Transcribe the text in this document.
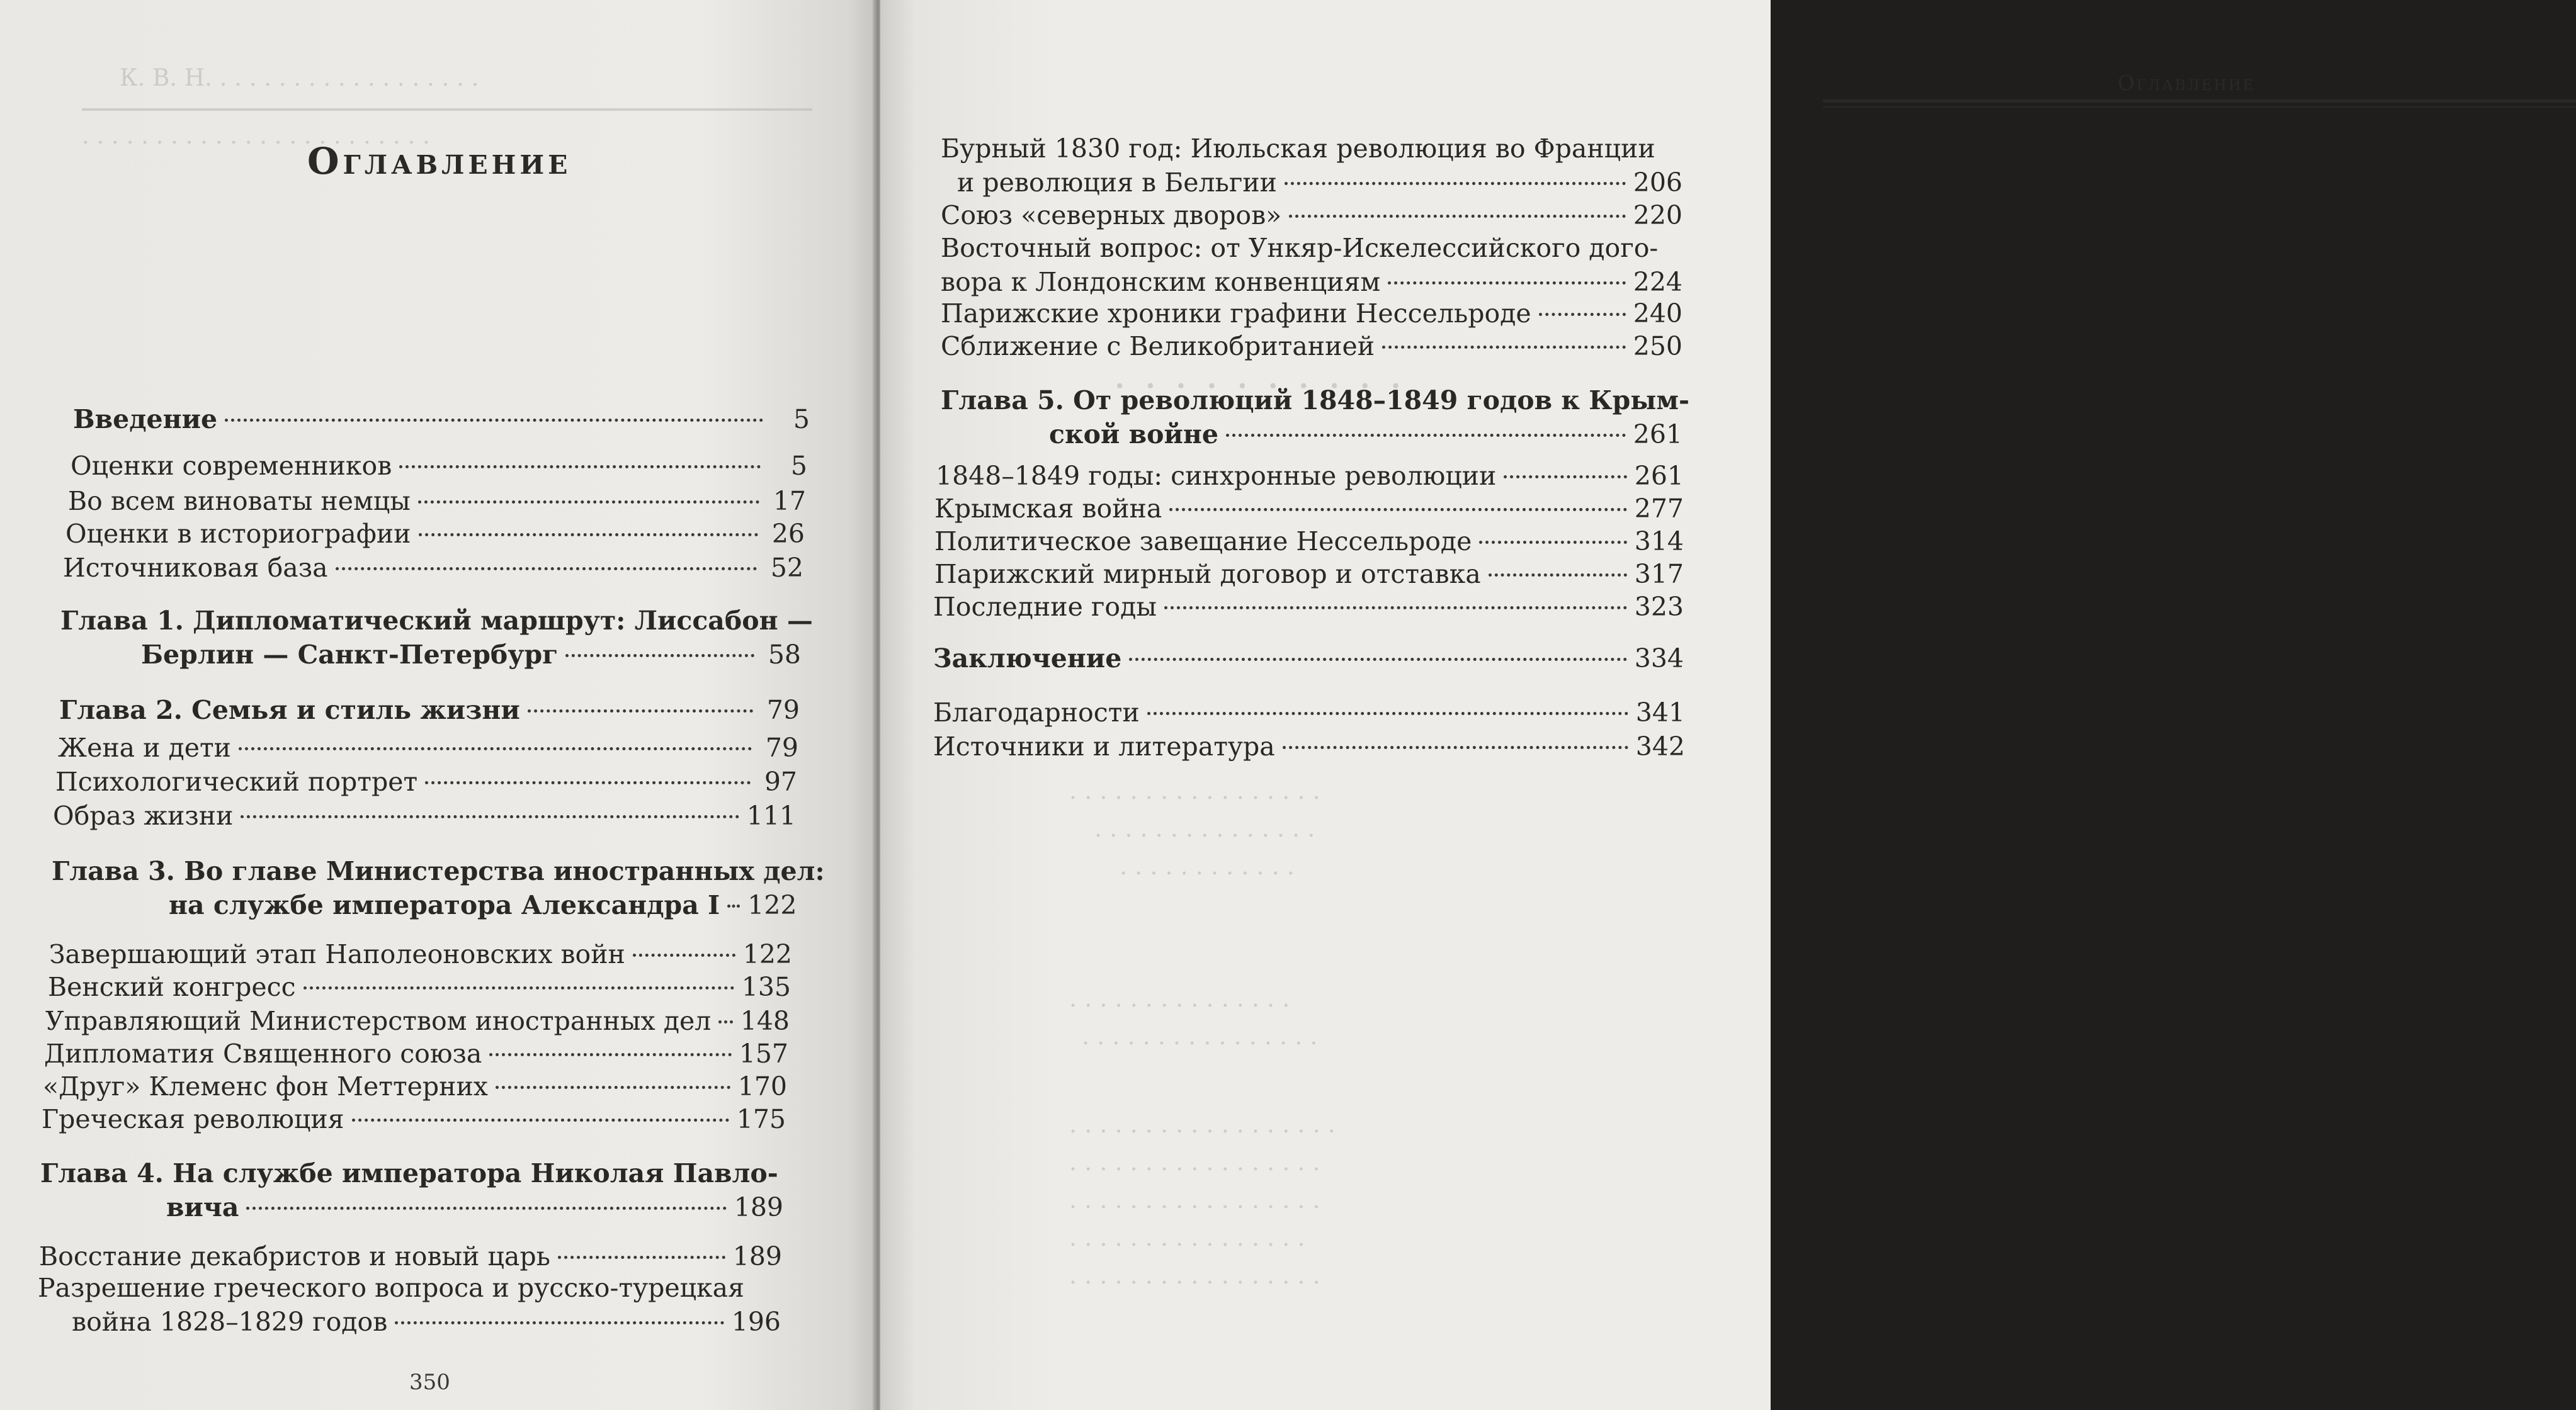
К. В. Н. . . . . . . . . . . . . . . . . . .
. . . . . . . . . . . . . . . . . . . . . . . .
Оглавление
Введение	5
Оценки современников	5
Во всем виноваты немцы	17
Оценки в историографии	26
Источниковая база	52
Глава 1. Дипломатический маршрут: Лиссабон —
Берлин — Санкт-Петербург	58
Глава 2. Семья и стиль жизни	79
Жена и дети	79
Психологический портрет	97
Образ жизни	111
Глава 3. Во главе Министерства иностранных дел:
на службе императора Александра I 122
Завершающий этап Наполеоновских войн	122
Венский конгресс	135
Управляющий Министерством иностранных дел 148
Дипломатия Священного союза	157
«Друг» Клеменс фон Меттерних	170
Греческая революция	175
Глава 4. На службе императора Николая Павло-
вича	189
Восстание декабристов и новый царь	189
Разрешение греческого вопроса и русско-турецкая
война 1828–1829 годов	196
350
Оглавление
Бурный 1830 год: Июльская революция во Франции
и революция в Бельгии	206
Союз «северных дворов»	220
Восточный вопрос: от Ункяр-Искелессийского дого-
вора к Лондонским конвенциям	224
Парижские хроники графини Нессельроде	240
Сближение с Великобританией	250
Глава 5. От революций 1848–1849 годов к Крым-
ской войне	261
1848–1849 годы: синхронные революции	261
Крымская война	277
Политическое завещание Нессельроде	314
Парижский мирный договор и отставка	317
Последние годы	323
Заключение	334
Благодарности	341
Источники и литература	342
. . . . . . . . . .
. . . . . . . . . . . . . . . . .
. . . . . . . . . . . . . . .
. . . . . . . . . . . .
. . . . . . . . . . . . . . .
. . . . . . . . . . . . . . . .
. . . . . . . . . . . . . . . . . .
. . . . . . . . . . . . . . . . .
. . . . . . . . . . . . . . . . .
. . . . . . . . . . . . . . . .
. . . . . . . . . . . . . . . . .
